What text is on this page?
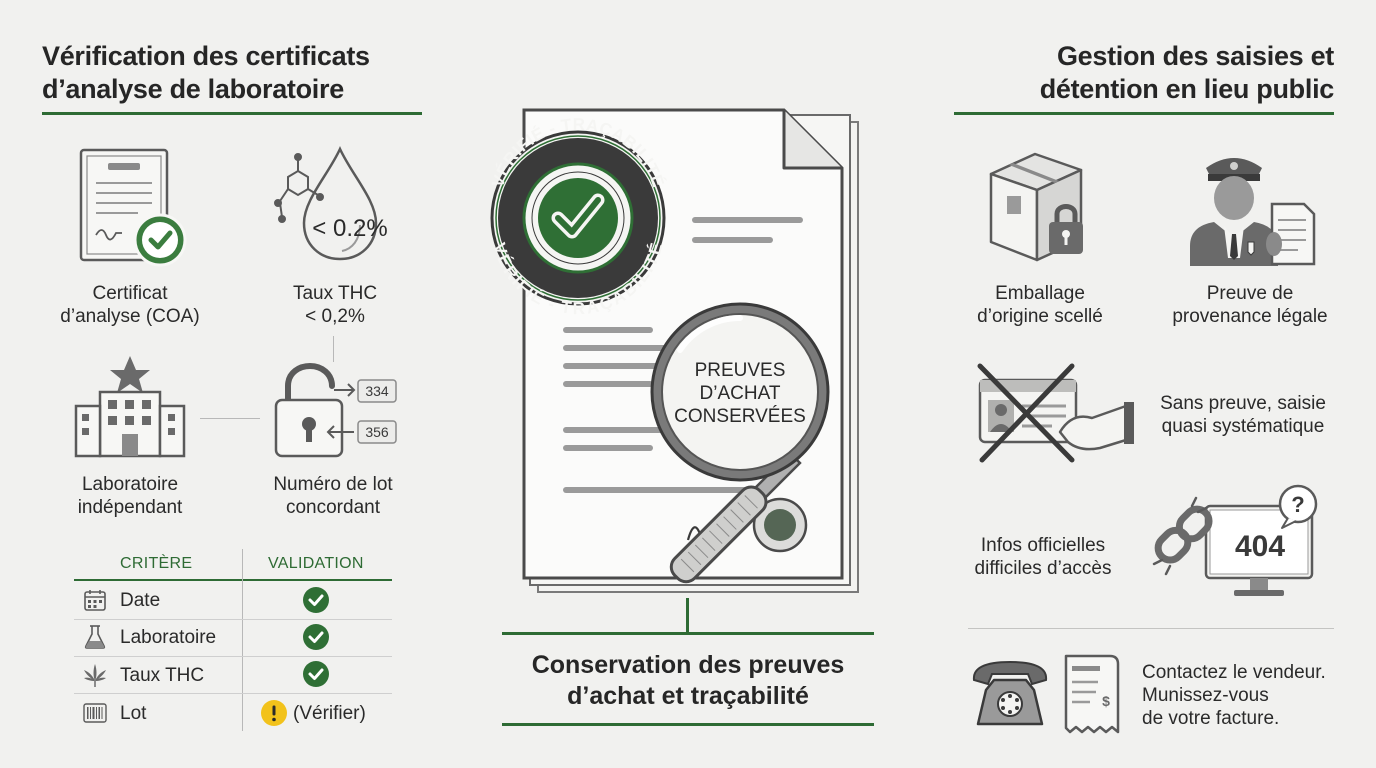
Vérification des certificats
d’analyse de laboratoire
Certificat
d’analyse (COA)
< 0.2%
Taux THC
< 0,2%
Laboratoire
indépendant
334
356
Numéro de lot
concordant
CRITÈRE	VALIDATION
Date
Laboratoire
Taux THC
Lot	(Vérifier)
PREUVES
D’ACHAT
CONSERVÉES
VÉRIFIÉ - TRAÇABILITÉ
VÉRIFIÉ - TRAÇABILITÉ
Conservation des preuves
d’achat et traçabilité
Gestion des saisies et
détention en lieu public
Emballage
d’origine scellé
Preuve de
provenance légale
Sans preuve, saisie
quasi systématique
404
?
Infos officielles
difficiles d’accès
$
Contactez le vendeur.
Munissez-vous
de votre facture.
